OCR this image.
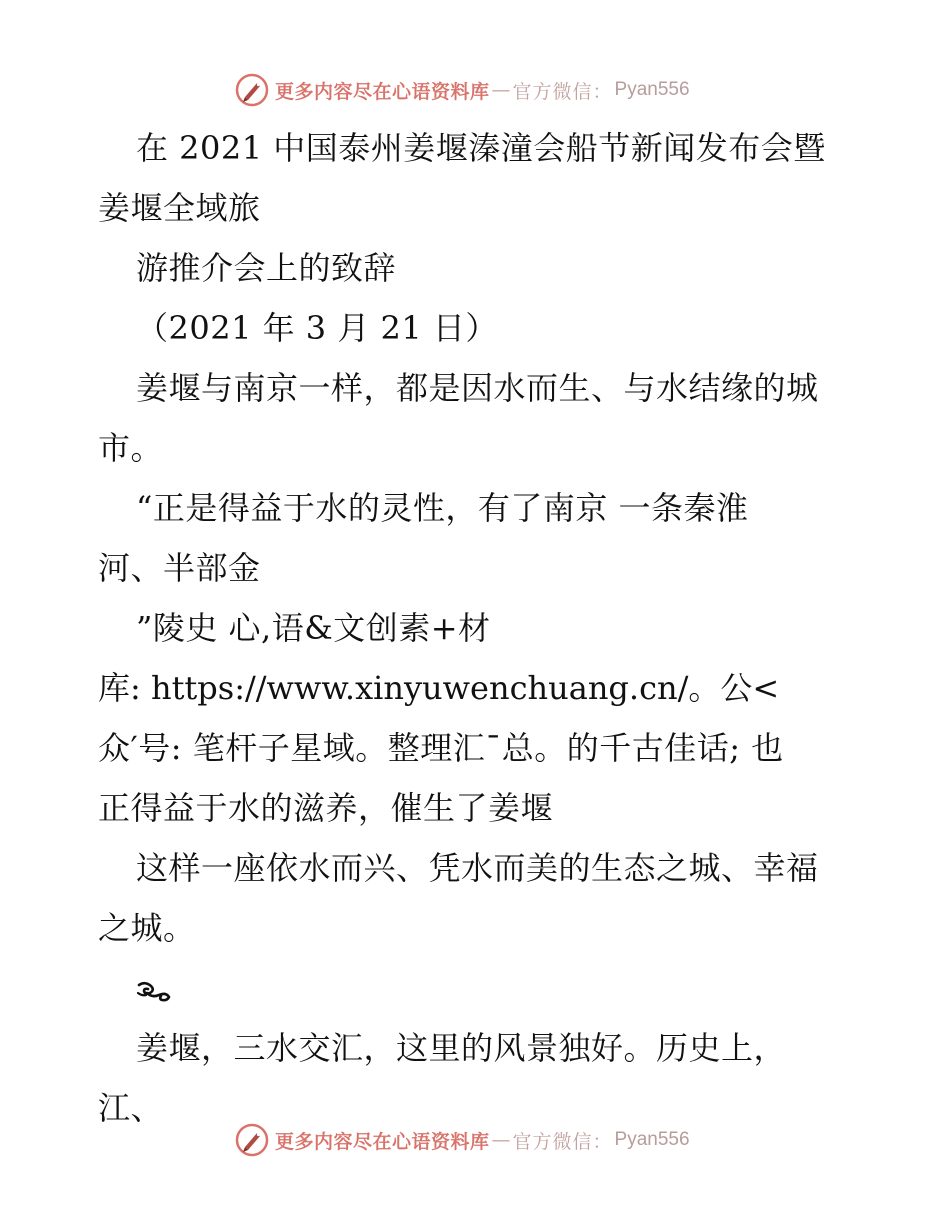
更多内容尽在心语资料库 — 官方微信： Pyan556
在 2021 中国泰州姜堰溱潼会船节新闻发布会暨
姜堰全域旅
游推介会上的致辞
（2021 年 3 月 21 日）
姜堰与南京一样，都是因水而生、与水结缘的城
市。
“正是得益于水的灵性，有了南京 一条秦淮
河、半部金
”陵史 心,语&文创素+材
库: https://www.xinyuwenchuang.cn/。公<
众′号: 笔杆子星域。整理汇¯总。的千古佳话; 也
正得益于水的滋养，催生了姜堰
这样一座依水而兴、凭水而美的生态之城、幸福
之城。
姜堰，三水交汇，这里的风景独好。历史上，
江、
更多内容尽在心语资料库 — 官方微信： Pyan556
